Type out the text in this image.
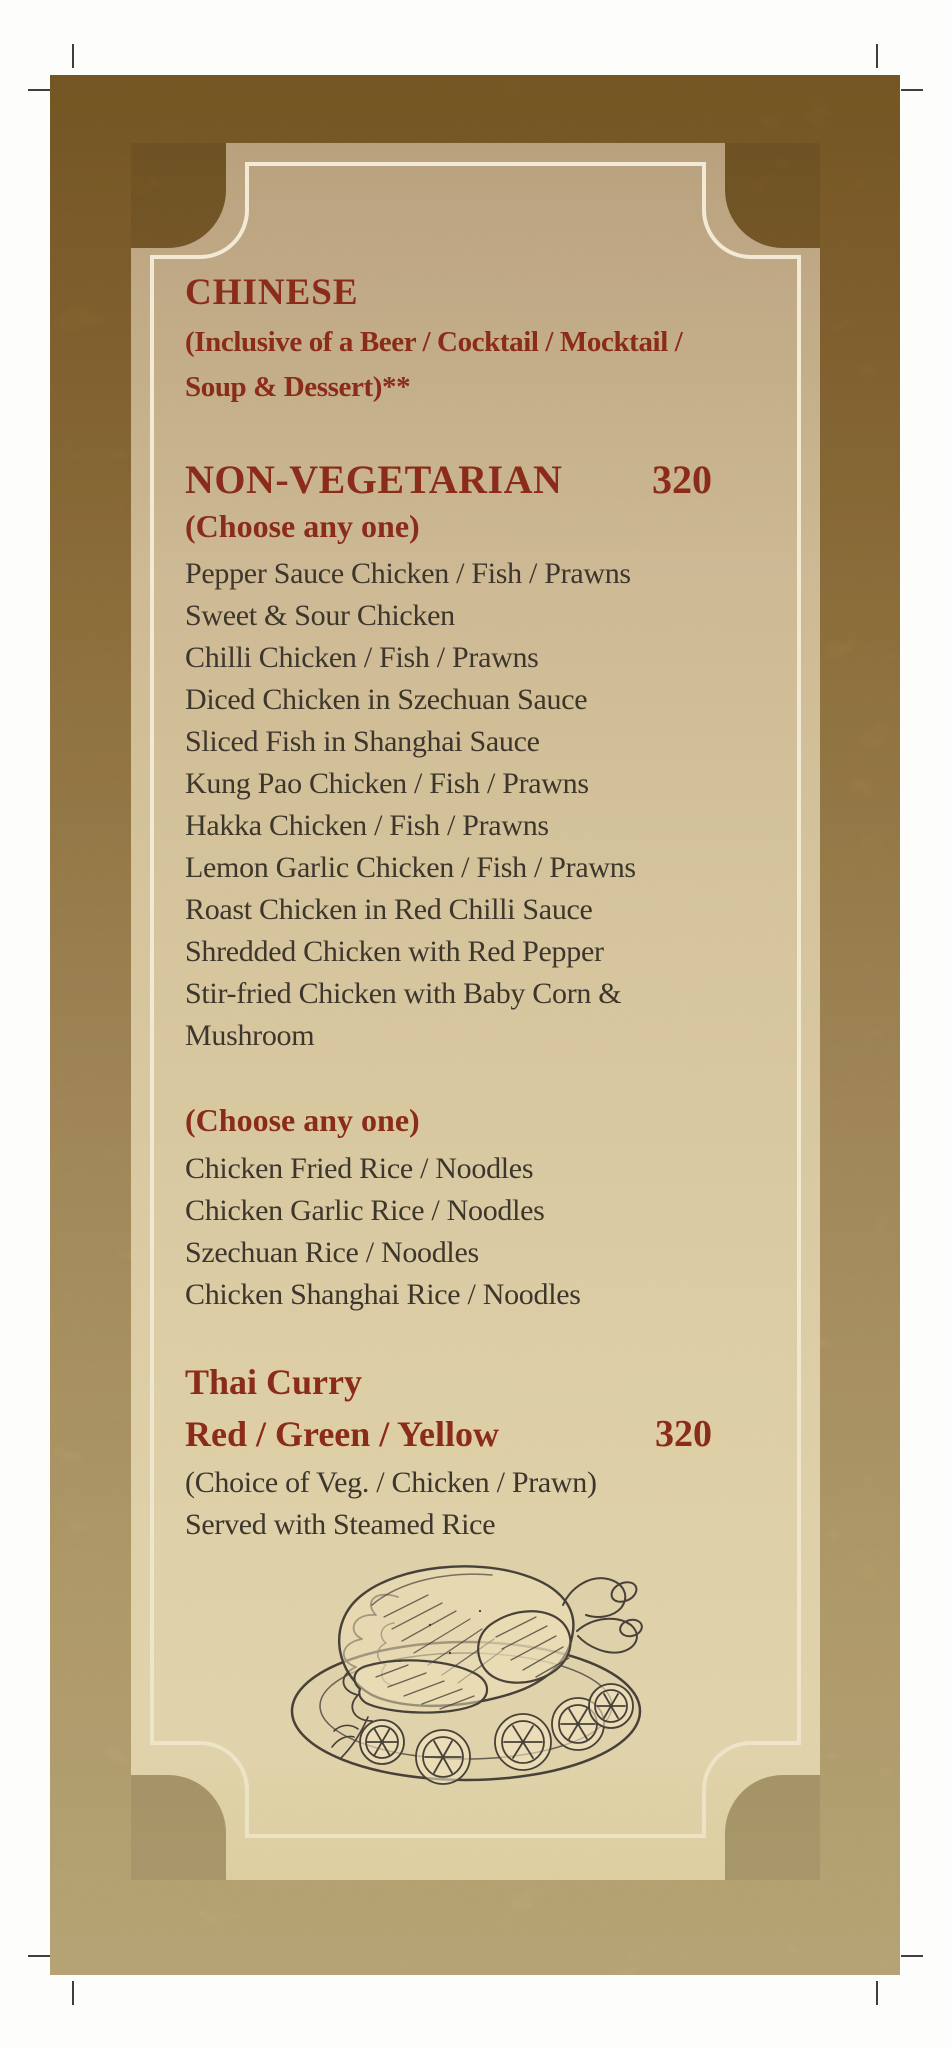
CHINESE
(Inclusive of a Beer / Cocktail / Mocktail /
Soup & Dessert)**
NON-VEGETARIAN 320
(Choose any one)
Pepper Sauce Chicken / Fish / Prawns
Sweet & Sour Chicken
Chilli Chicken / Fish / Prawns
Diced Chicken in Szechuan Sauce
Sliced Fish in Shanghai Sauce
Kung Pao Chicken / Fish / Prawns
Hakka Chicken / Fish / Prawns
Lemon Garlic Chicken / Fish / Prawns
Roast Chicken in Red Chilli Sauce
Shredded Chicken with Red Pepper
Stir-fried Chicken with Baby Corn &
Mushroom
(Choose any one)
Chicken Fried Rice / Noodles
Chicken Garlic Rice / Noodles
Szechuan Rice / Noodles
Chicken Shanghai Rice / Noodles
Thai Curry
Red / Green / Yellow	320
(Choice of Veg. / Chicken / Prawn)
Served with Steamed Rice
